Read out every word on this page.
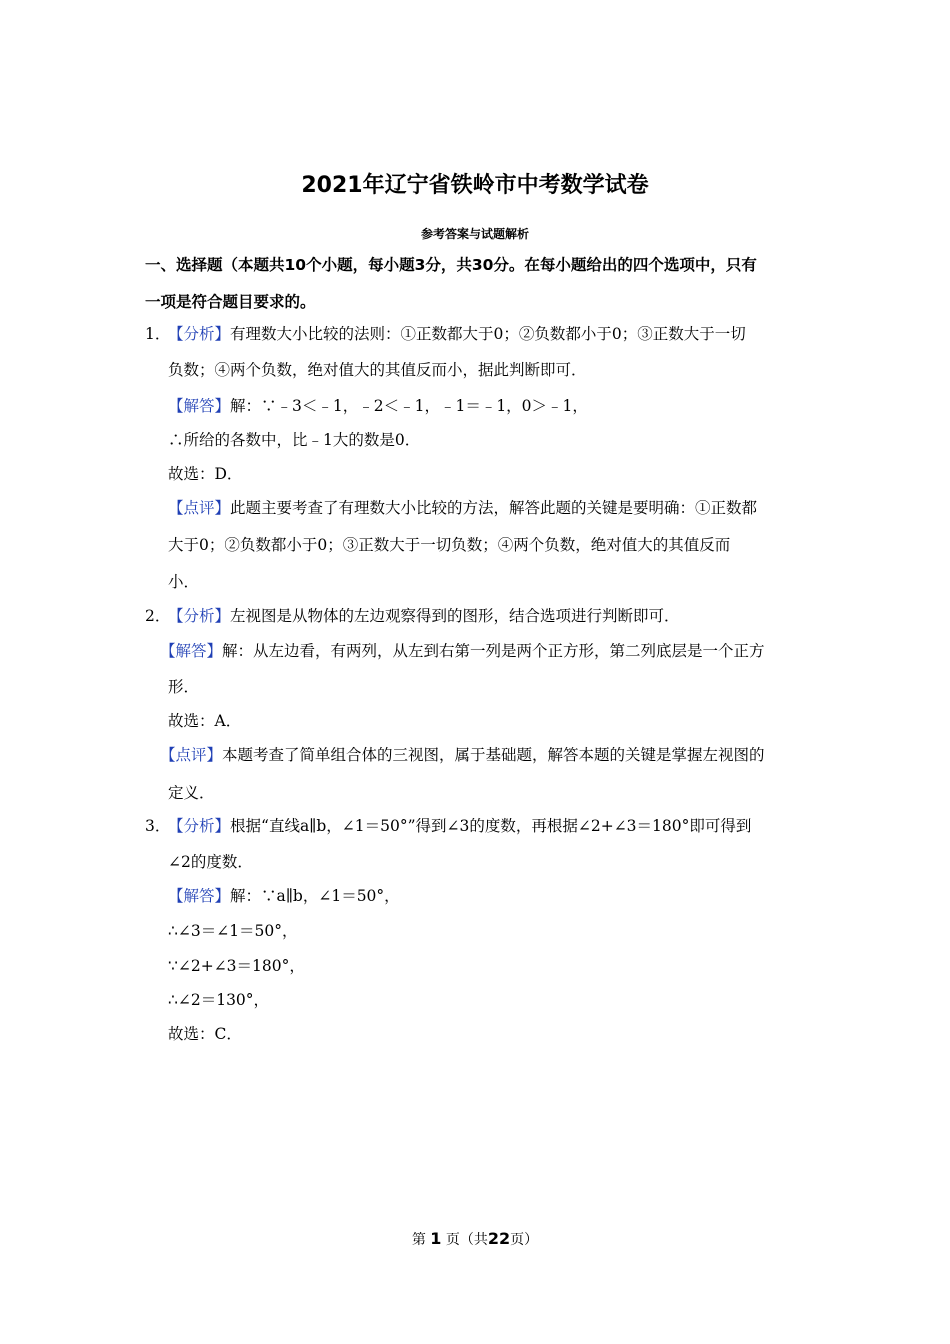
2021年辽宁省铁岭市中考数学试卷
参考答案与试题解析
一、选择题（本题共10个小题，每小题3分，共30分。在每小题给出的四个选项中，只有
一项是符合题目要求的。
1．
【分析】有理数大小比较的法则：①正数都大于0；②负数都小于0；③正数大于一切
负数；④两个负数，绝对值大的其值反而小，据此判断即可．
【解答】解：∵﹣3＜﹣1，﹣2＜﹣1，﹣1＝﹣1，0＞﹣1，
∴所给的各数中，比﹣1大的数是0．
故选：D．
【点评】此题主要考查了有理数大小比较的方法，解答此题的关键是要明确：①正数都
大于0；②负数都小于0；③正数大于一切负数；④两个负数，绝对值大的其值反而
小．
2．
【分析】左视图是从物体的左边观察得到的图形，结合选项进行判断即可．
【解答】解：从左边看，有两列，从左到右第一列是两个正方形，第二列底层是一个正方
形．
故选：A．
【点评】本题考查了简单组合体的三视图，属于基础题，解答本题的关键是掌握左视图的
定义．
3．
【分析】根据“直线a∥b，∠1＝50°”得到∠3的度数，再根据∠2+∠3＝180°即可得到
∠2的度数．
【解答】解：∵a∥b，∠1＝50°，
∴∠3＝∠1＝50°，
∵∠2+∠3＝180°，
∴∠2＝130°，
故选：C．
第 1 页（共22页）
